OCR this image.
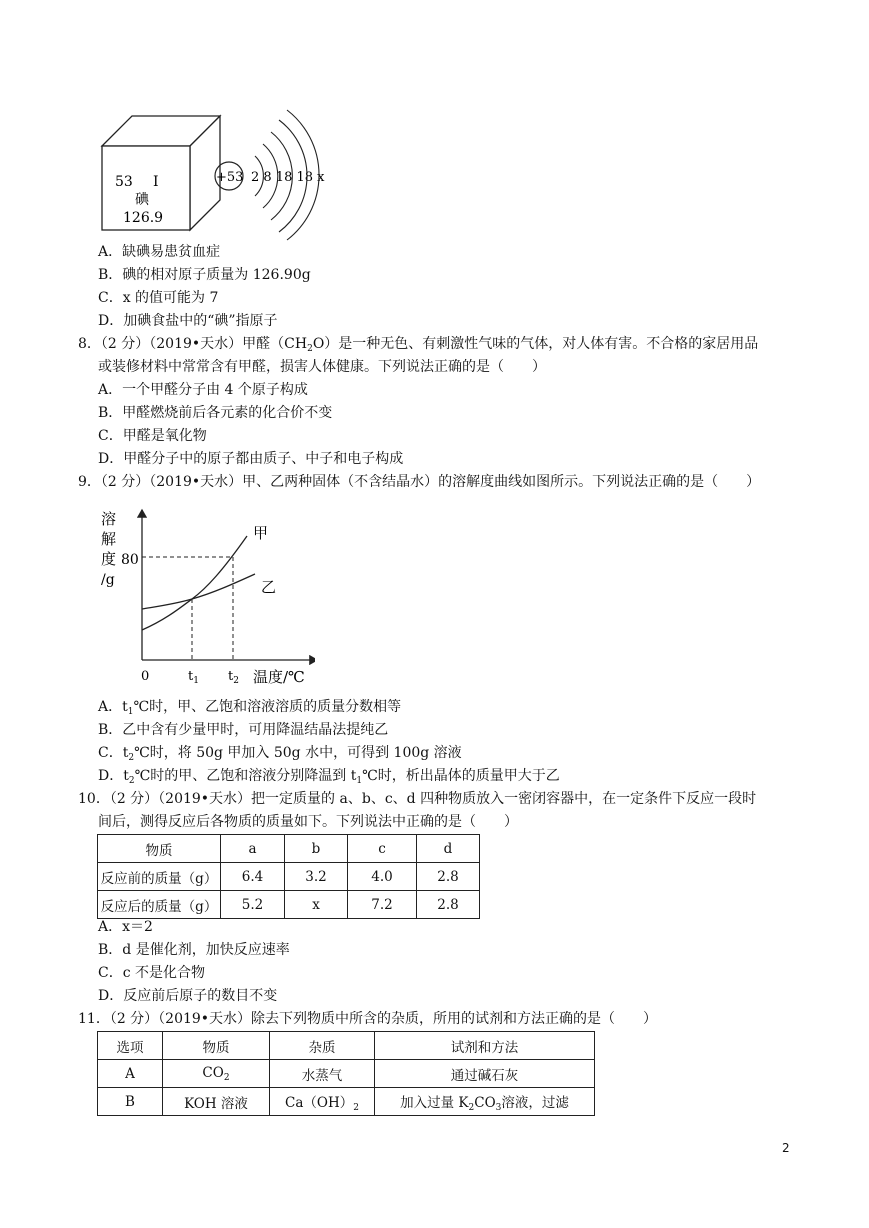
53 I
碘
126.9
+53 2 8 18 18 x
A．缺碘易患贫血症
B．碘的相对原子质量为 126.90g
C．x 的值可能为 7
D．加碘食盐中的“碘”指原子
8．（2 分）（2019•天水）甲醛$(CH_2O)$是一种无色、有刺激性气味的气体，对人体有害。不合格的家居用品
或装修材料中常常含有甲醛，损害人体健康。下列说法正确的是（　　）
A．一个甲醛分子由 4 个原子构成
B．甲醛燃烧前后各元素的化合价不变
C．甲醛是氧化物
D．甲醛分子中的原子都由质子、中子和电子构成
9．（2 分）（2019•天水）甲、乙两种固体（不含结晶水）的溶解度曲线如图所示。下列说法正确的是（　　）
溶
解
度
/g
80
甲
乙
0	$t_1$ $t_2$ 温度/℃
A．$t_1℃$时，甲、乙饱和溶液溶质的质量分数相等
B．乙中含有少量甲时，可用降温结晶法提纯乙
C．$t_2℃$时，将 50g 甲加入 50g 水中，可得到 100g 溶液
D．$t_2℃$时的甲、乙饱和溶液分别降温到 $t_1℃$时，析出晶体的质量甲大于乙
10．（2 分）（2019•天水）把一定质量的 a、b、c、d 四种物质放入一密闭容器中，在一定条件下反应一段时
间后，测得反应后各物质的质量如下。下列说法中正确的是（　　）
物质	a	b	c	d
反应前的质量（g）	6.4	3.2	4.0	2.8
反应后的质量（g）	5.2	x	7.2	2.8
A．x＝2
B．d 是催化剂，加快反应速率
C．c 不是化合物
D．反应前后原子的数目不变
11．（2 分）（2019•天水）除去下列物质中所含的杂质，所用的试剂和方法正确的是（　　）
选项	物质	杂质	试剂和方法
A	$CO_2$	水蒸气	通过碱石灰
B	KOH 溶液	$Ca(OH)_2$	加入过量 $K_2CO_3$溶液，过滤
2
